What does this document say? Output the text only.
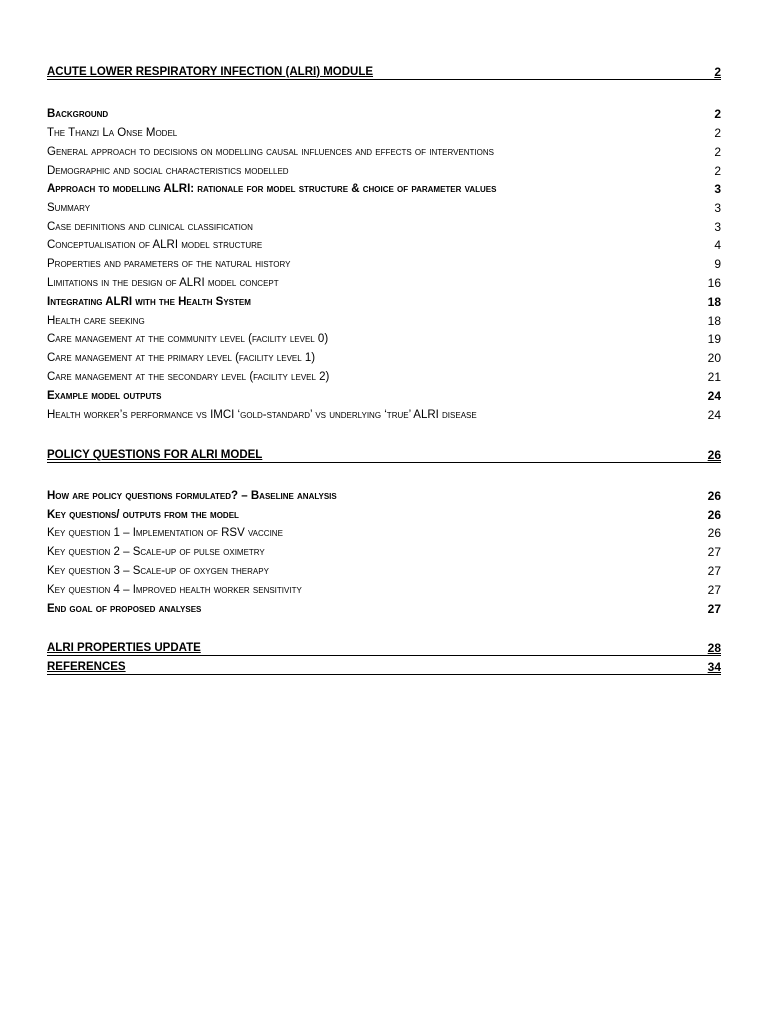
ACUTE LOWER RESPIRATORY INFECTION (ALRI) MODULE	2
Background	2
The Thanzi La Onse Model	2
General approach to decisions on modelling causal influences and effects of interventions	2
Demographic and social characteristics modelled	2
Approach to modelling ALRI: rationale for model structure & choice of parameter values	3
Summary	3
Case definitions and clinical classification	3
Conceptualisation of ALRI model structure	4
Properties and parameters of the natural history	9
Limitations in the design of ALRI model concept	16
Integrating ALRI with the Health System	18
Health care seeking	18
Care management at the community level (facility level 0)	19
Care management at the primary level (facility level 1)	20
Care management at the secondary level (facility level 2)	21
Example model outputs	24
Health worker’s performance vs IMCI ‘gold-standard’ vs underlying ‘true’ ALRI disease	24
POLICY QUESTIONS FOR ALRI MODEL	26
How are policy questions formulated? – Baseline analysis	26
Key questions/ outputs from the model	26
Key question 1 – Implementation of RSV vaccine	26
Key question 2 – Scale-up of pulse oximetry	27
Key question 3 – Scale-up of oxygen therapy	27
Key question 4 – Improved health worker sensitivity	27
End goal of proposed analyses	27
ALRI PROPERTIES UPDATE	28
REFERENCES	34
